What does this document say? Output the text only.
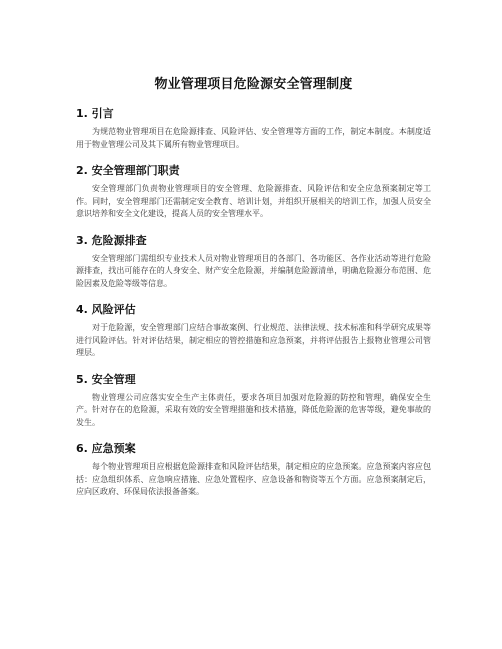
物业管理项目危险源安全管理制度
1. 引言

为规范物业管理项目在危险源排查、风险评估、安全管理等方面的工作，制定本制度。本制度适用于物业管理公司及其下属所有物业管理项目。

2. 安全管理部门职责

安全管理部门负责物业管理项目的安全管理、危险源排查、风险评估和安全应急预案制定等工作。同时，安全管理部门还需制定安全教育、培训计划，并组织开展相关的培训工作，加强人员安全意识培养和安全文化建设，提高人员的安全管理水平。

3. 危险源排查

安全管理部门需组织专业技术人员对物业管理项目的各部门、各功能区、各作业活动等进行危险源排查，找出可能存在的人身安全、财产安全危险源，并编制危险源清单，明确危险源分布范围、危险因素及危险等级等信息。

4. 风险评估

对于危险源，安全管理部门应结合事故案例、行业规范、法律法规、技术标准和科学研究成果等进行风险评估。针对评估结果，制定相应的管控措施和应急预案，并将评估报告上报物业管理公司管理层。

5. 安全管理

物业管理公司应落实安全生产主体责任，要求各项目加强对危险源的防控和管理，确保安全生产。针对存在的危险源，采取有效的安全管理措施和技术措施，降低危险源的危害等级，避免事故的发生。

6. 应急预案

每个物业管理项目应根据危险源排查和风险评估结果，制定相应的应急预案。应急预案内容应包括：应急组织体系、应急响应措施、应急处置程序、应急设备和物资等五个方面。应急预案制定后，应向区政府、环保局依法报备备案。
